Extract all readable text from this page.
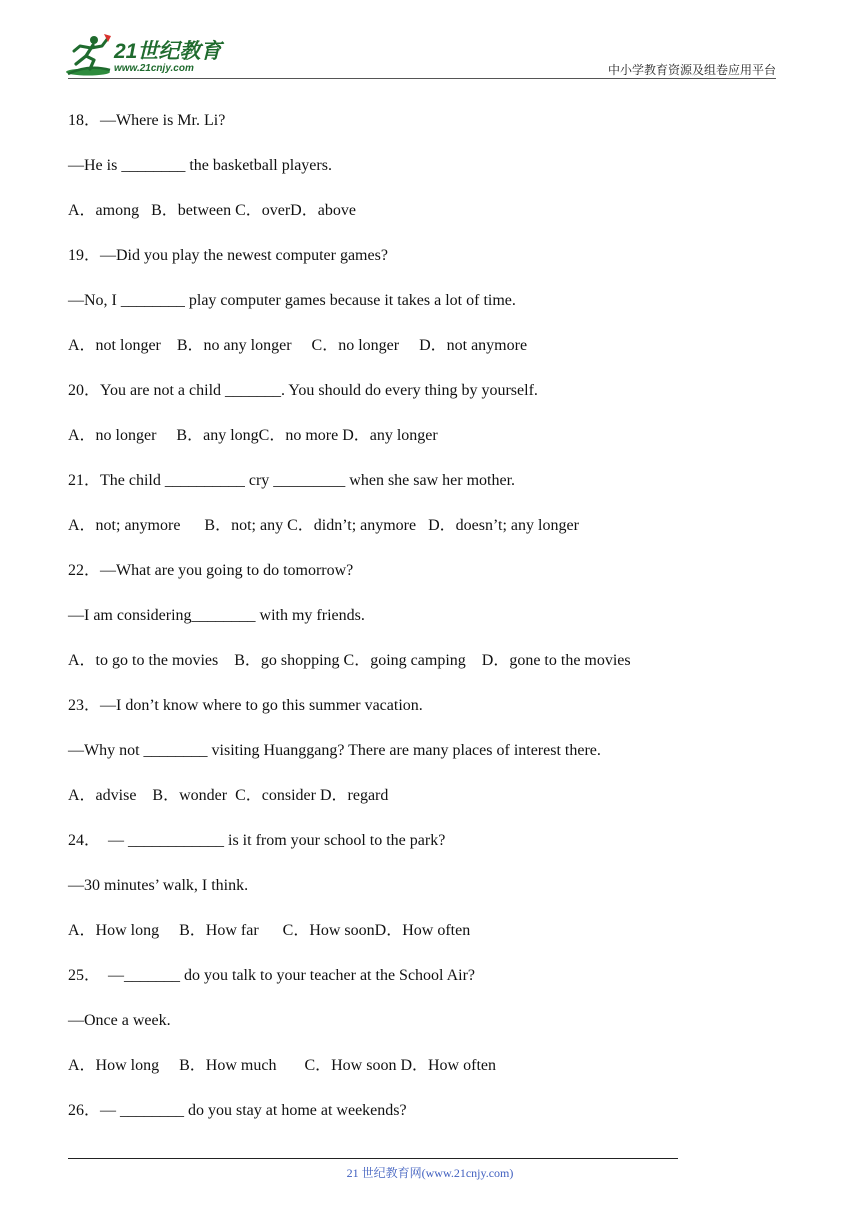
21世纪教育
www.21cnjy.com	中小学教育资源及组卷应用平台
18．—Where is Mr. Li?
—He is ________ the basketball players.
A．among   B．between C．overD．above
19．—Did you play the newest computer games?
—No, I ________ play computer games because it takes a lot of time.
A．not longer    B．no any longer     C．no longer     D．not anymore
20．You are not a child _______. You should do every thing by yourself.
A．no longer     B．any longC．no more D．any longer
21．The child __________ cry _________ when she saw her mother.
A．not; anymore      B．not; any C．didn’t; anymore   D．doesn’t; any longer
22．—What are you going to do tomorrow?
—I am considering________ with my friends.
A．to go to the movies    B．go shopping C．going camping    D．gone to the movies
23．—I don’t know where to go this summer vacation.
—Why not ________ visiting Huanggang? There are many places of interest there.
A．advise    B．wonder  C．consider D．regard
24．  — ____________ is it from your school to the park?
—30 minutes’ walk, I think.
A．How long     B．How far      C．How soonD．How often
25．  —_______ do you talk to your teacher at the School Air?
—Once a week.
A．How long     B．How much       C．How soon D．How often
26．— ________ do you stay at home at weekends?
21 世纪教育网(www.21cnjy.com)
